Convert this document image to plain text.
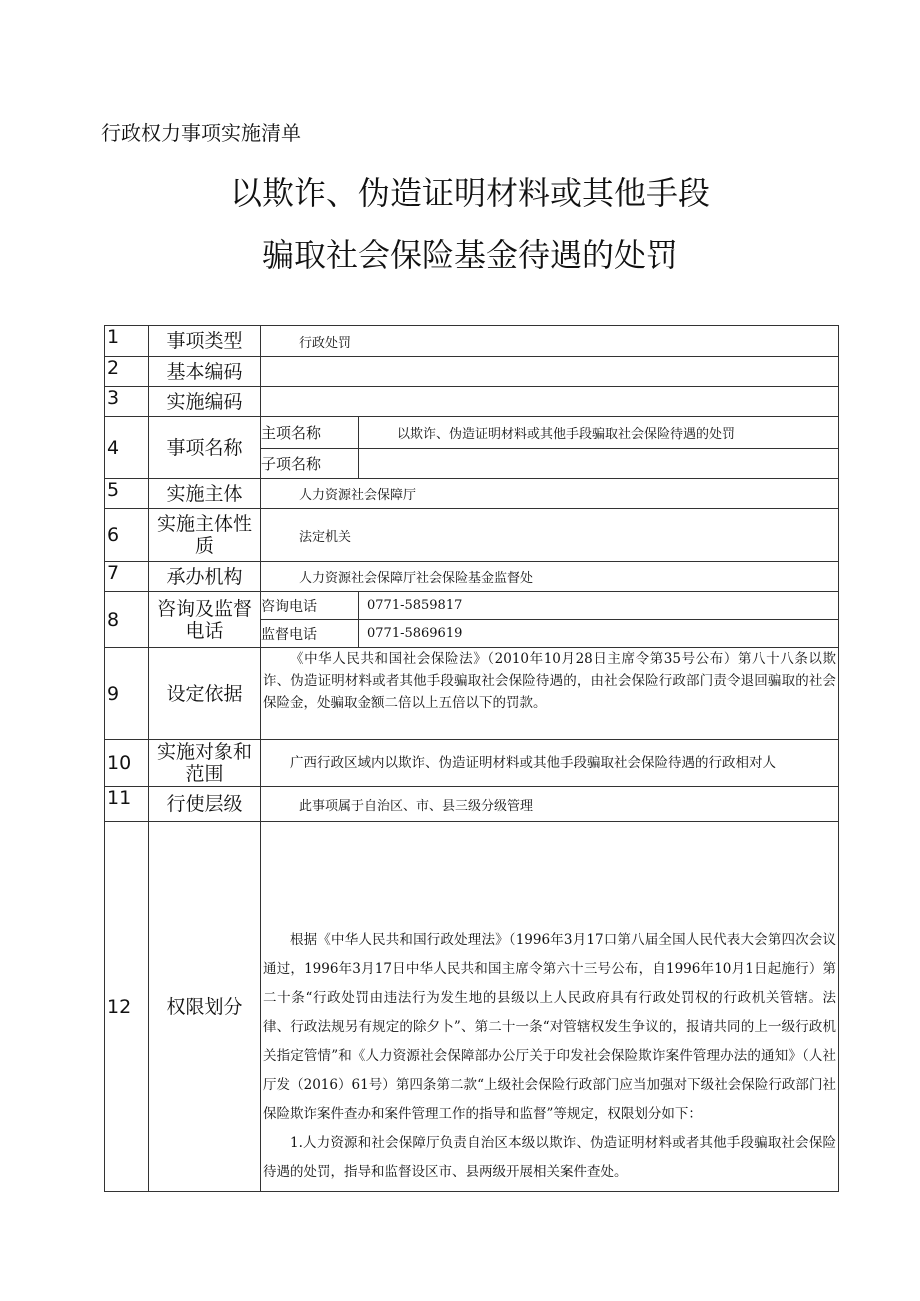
行政权力事项实施清单
以欺诈、伪造证明材料或其他手段
骗取社会保险基金待遇的处罚
1	事项类型	行政处罚	
2	基本编码		
3	实施编码		
4	事项名称	主项名称	以欺诈、伪造证明材料或其他手段骗取社会保险待遇的处罚
		子项名称	
5	实施主体	人力资源社会保障厅	
6	实施主体性质	法定机关	
7	承办机构	人力资源社会保障厅社会保险基金监督处	
8	咨询及监督电话	咨询电话	0771-5859817
		监督电话	0771-5869619
9	设定依据	《中华人民共和国社会保险法》（2010年10月28日主席令第35号公布）第八十八条以欺诈、伪造证明材料或者其他手段骗取社会保险待遇的，由社会保险行政部门责令退回骗取的社会保险金，处骗取金额二倍以上五倍以下的罚款。	

10	实施对象和范围	广西行政区域内以欺诈、伪造证明材料或其他手段骗取社会保险待遇的行政相对人	

11	行使层级	此事项属于自治区、市、县三级分级管理	
12	权限划分	根据《中华人民共和国行政处理法》（1996年3月17口第八届全国人民代表大会第四次会议通过，1996年3月17日中华人民共和国主席令第六十三号公布，自1996年10月1日起施行）第二十条“行政处罚由违法行为发生地的县级以上人民政府具有行政处罚权的行政机关管辖。法律、行政法规另有规定的除夕卜”、第二十一条“对管辖权发生争议的，报请共同的上一级行政机关指定管情”和《人力资源社会保障部办公厅关于印发社会保险欺诈案件管理办法的通知》（人社厅发（2016）61号）第四条第二款“上级社会保险行政部门应当加强对下级社会保险行政部门社保险欺诈案件查办和案件管理工作的指导和监督”等规定，权限划分如下：

1.人力资源和社会保障厅负责自治区本级以欺诈、伪造证明材料或者其他手段骗取社会保险待遇的处罚，指导和监督设区市、县两级开展相关案件查处。	
